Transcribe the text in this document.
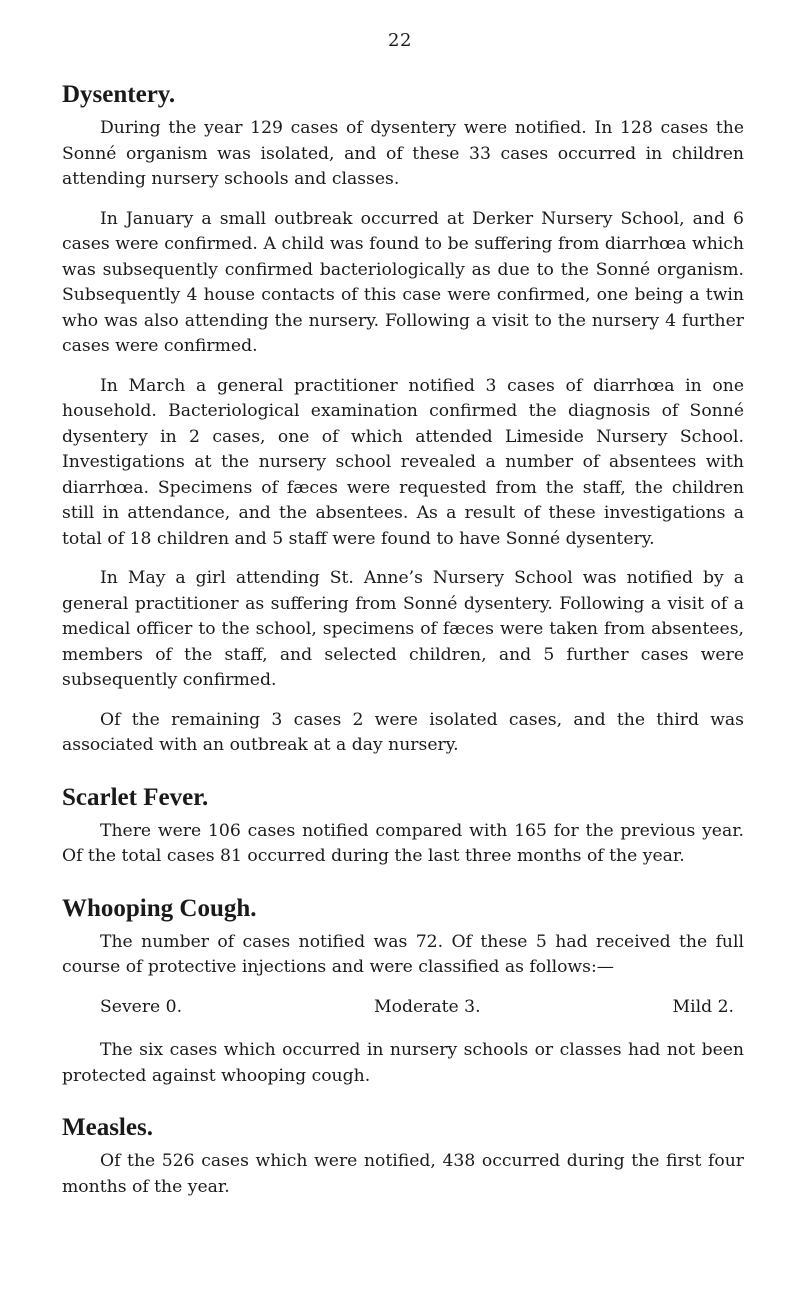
22
Dysentery.

During the year 129 cases of dysentery were notified. In 128 cases the Sonné organism was isolated, and of these 33 cases occurred in children attending nursery schools and classes.

In January a small outbreak occurred at Derker Nursery School, and 6 cases were confirmed. A child was found to be suffering from diarrhœa which was subsequently confirmed bacteriologically as due to the Sonné organism. Subsequently 4 house contacts of this case were confirmed, one being a twin who was also attending the nursery. Following a visit to the nursery 4 further cases were confirmed.

In March a general practitioner notified 3 cases of diarrhœa in one household. Bacteriological examination confirmed the diagnosis of Sonné dysentery in 2 cases, one of which attended Limeside Nursery School. Investigations at the nursery school revealed a number of absentees with diarrhœa. Specimens of fæces were requested from the staff, the children still in attendance, and the absentees. As a result of these investigations a total of 18 children and 5 staff were found to have Sonné dysentery.

In May a girl attending St. Anne’s Nursery School was notified by a general practitioner as suffering from Sonné dysentery. Following a visit of a medical officer to the school, specimens of fæces were taken from absentees, members of the staff, and selected children, and 5 further cases were subsequently confirmed.

Of the remaining 3 cases 2 were isolated cases, and the third was associated with an outbreak at a day nursery.

Scarlet Fever.

There were 106 cases notified compared with 165 for the previous year. Of the total cases 81 occurred during the last three months of the year.

Whooping Cough.

The number of cases notified was 72. Of these 5 had received the full course of protective injections and were classified as follows:—

Severe 0.	Moderate 3.	Mild 2.

The six cases which occurred in nursery schools or classes had not been protected against whooping cough.

Measles.

Of the 526 cases which were notified, 438 occurred during the first four months of the year.
